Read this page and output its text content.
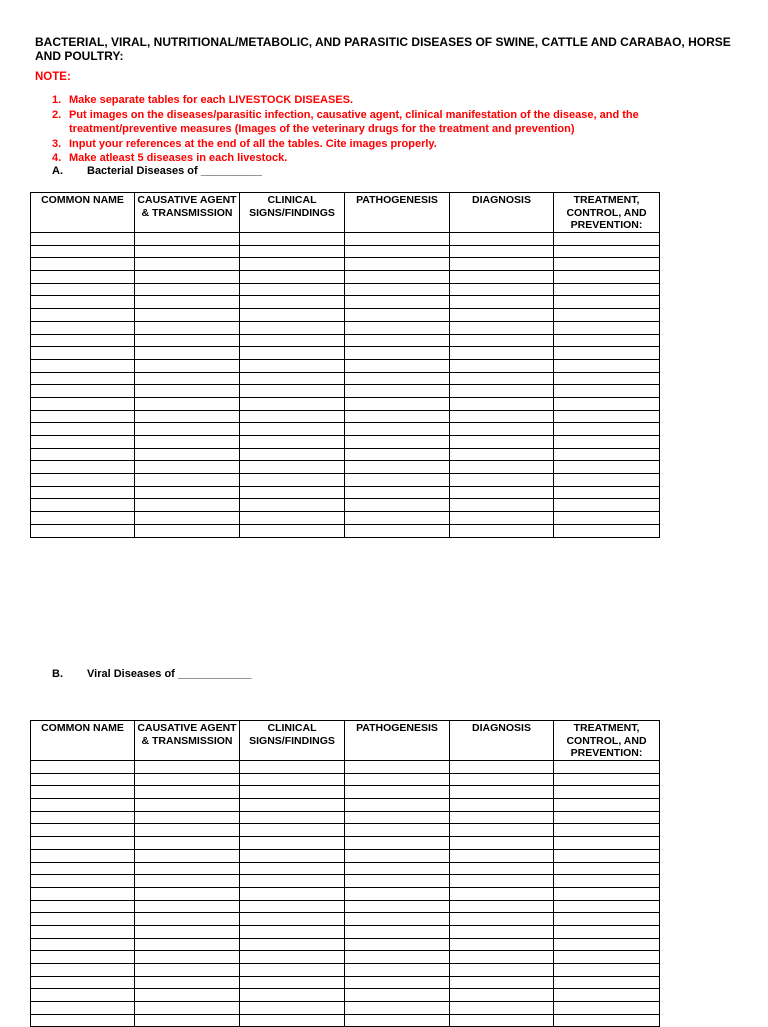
BACTERIAL, VIRAL, NUTRITIONAL/METABOLIC, AND PARASITIC DISEASES OF SWINE, CATTLE AND CARABAO, HORSE AND POULTRY:
NOTE:
1. Make separate tables for each LIVESTOCK DISEASES.
2. Put images on the diseases/parasitic infection, causative agent, clinical manifestation of the disease, and the treatment/preventive measures (Images of the veterinary drugs for the treatment and prevention)
3. Input your references at the end of all the tables. Cite images properly.
4. Make atleast 5 diseases in each livestock.
A.	Bacterial Diseases of __________
COMMON NAME	CAUSATIVE AGENT & TRANSMISSION	CLINICAL SIGNS/FINDINGS	PATHOGENESIS	DIAGNOSIS	TREATMENT, CONTROL, AND PREVENTION:

B.	Viral Diseases of ____________
COMMON NAME	CAUSATIVE AGENT & TRANSMISSION	CLINICAL SIGNS/FINDINGS	PATHOGENESIS	DIAGNOSIS	TREATMENT, CONTROL, AND PREVENTION:
